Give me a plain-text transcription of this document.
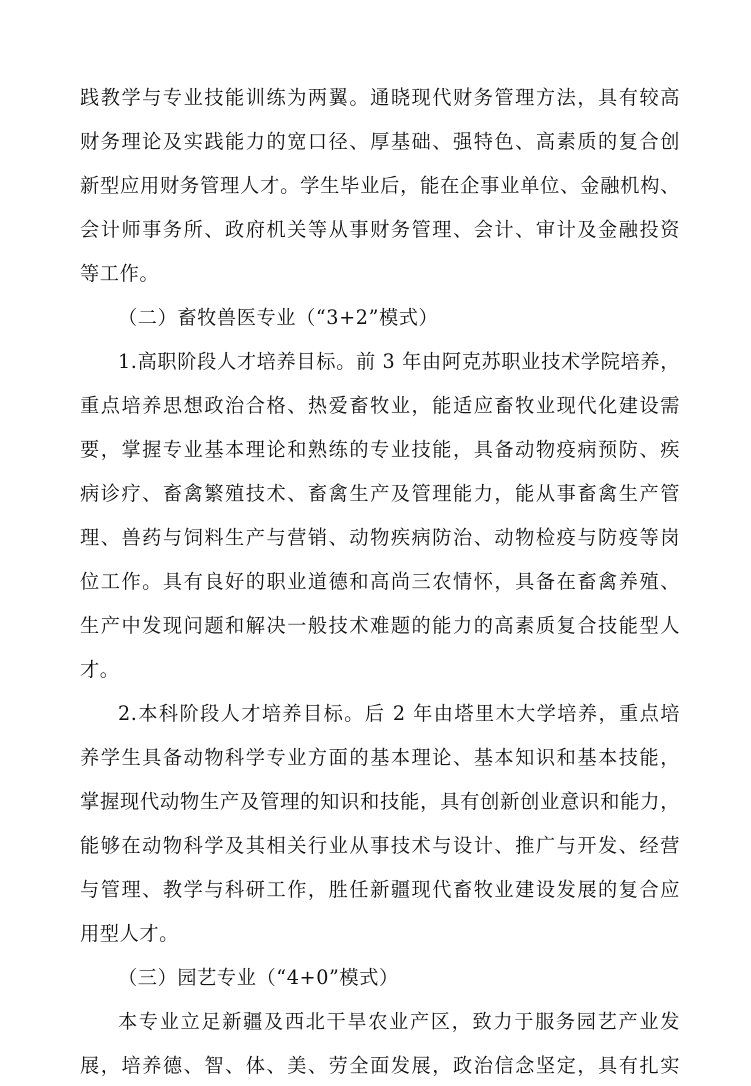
践教学与专业技能训练为两翼。通晓现代财务管理方法，具有较高
财务理论及实践能力的宽口径、厚基础、强特色、高素质的复合创
新型应用财务管理人才。学生毕业后，能在企事业单位、金融机构、
会计师事务所、政府机关等从事财务管理、会计、审计及金融投资
等工作。
（二）畜牧兽医专业（“3+2”模式）
1.高职阶段人才培养目标。前 3 年由阿克苏职业技术学院培养，
重点培养思想政治合格、热爱畜牧业，能适应畜牧业现代化建设需
要，掌握专业基本理论和熟练的专业技能，具备动物疫病预防、疾
病诊疗、畜禽繁殖技术、畜禽生产及管理能力，能从事畜禽生产管
理、兽药与饲料生产与营销、动物疾病防治、动物检疫与防疫等岗
位工作。具有良好的职业道德和高尚三农情怀，具备在畜禽养殖、
生产中发现问题和解决一般技术难题的能力的高素质复合技能型人
才。
2.本科阶段人才培养目标。后 2 年由塔里木大学培养，重点培
养学生具备动物科学专业方面的基本理论、基本知识和基本技能，
掌握现代动物生产及管理的知识和技能，具有创新创业意识和能力，
能够在动物科学及其相关行业从事技术与设计、推广与开发、经营
与管理、教学与科研工作，胜任新疆现代畜牧业建设发展的复合应
用型人才。
（三）园艺专业（“4+0”模式）
本专业立足新疆及西北干旱农业产区，致力于服务园艺产业发
展，培养德、智、体、美、劳全面发展，政治信念坚定，具有扎实
